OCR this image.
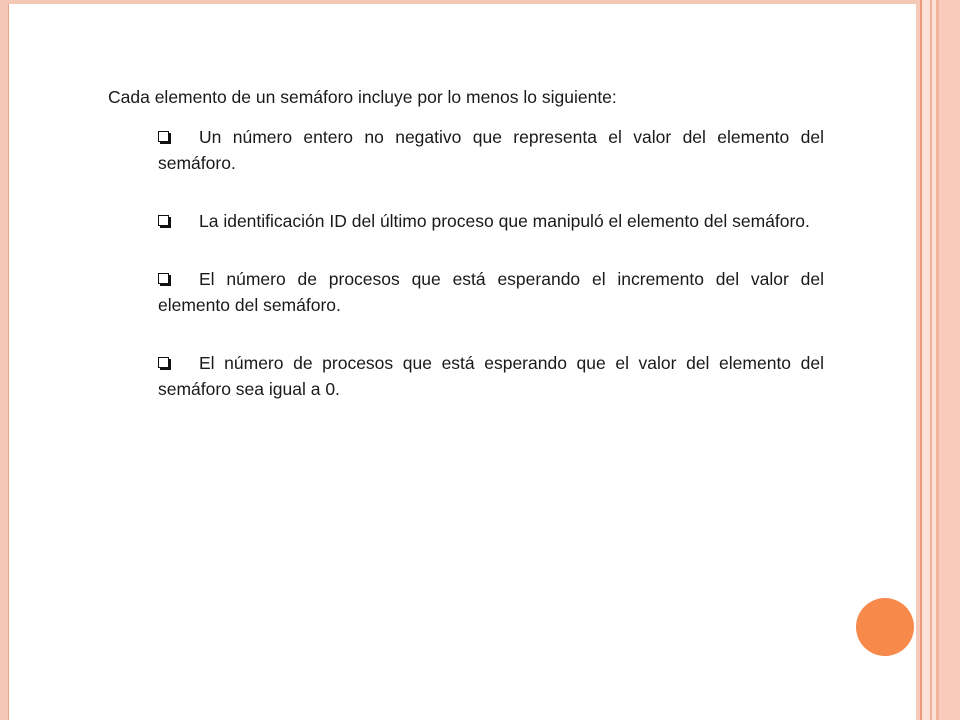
Cada elemento de un semáforo incluye por lo menos lo siguiente:

Un número entero no negativo que representa el valor del elemento del semáforo.
La identificación ID del último proceso que manipuló el elemento del semáforo.
El número de procesos que está esperando el incremento del valor del elemento del semáforo.
El número de procesos que está esperando que el valor del elemento del semáforo sea igual a 0.
